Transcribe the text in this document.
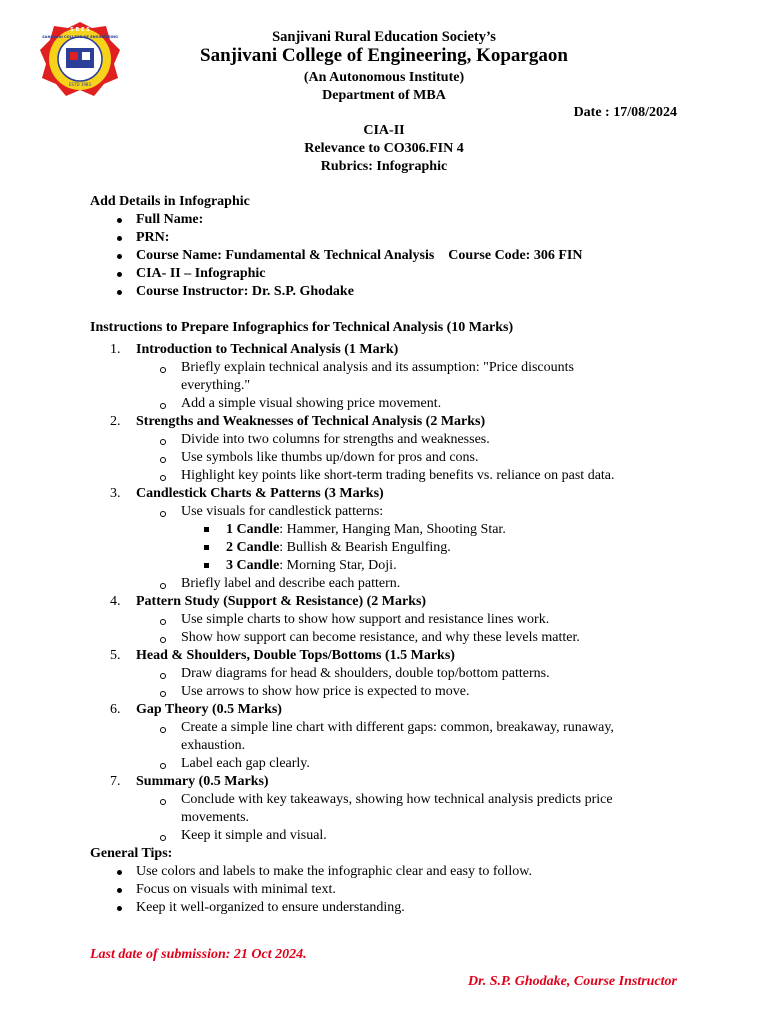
S R E S
SANJIVANI COLLEGE OF ENGINEERING
ESTD 1983
Sanjivani Rural Education Society’s
Sanjivani College of Engineering, Kopargaon
(An Autonomous Institute)
Department of MBA
Date : 17/08/2024
CIA-II
Relevance to CO306.FIN 4
Rubrics: Infographic

Add Details in Infographic

Full Name:
PRN:
Course Name: Fundamental & Technical Analysis    Course Code: 306 FIN
CIA- II – Infographic
Course Instructor: Dr. S.P. Ghodake

Instructions to Prepare Infographics for Technical Analysis (10 Marks)

1. Introduction to Technical Analysis (1 Mark)
Briefly explain technical analysis and its assumption: "Price discounts everything."
Add a simple visual showing price movement.
2. Strengths and Weaknesses of Technical Analysis (2 Marks)
Divide into two columns for strengths and weaknesses.
Use symbols like thumbs up/down for pros and cons.
Highlight key points like short-term trading benefits vs. reliance on past data.
3. Candlestick Charts & Patterns (3 Marks)
Use visuals for candlestick patterns:
1 Candle: Hammer, Hanging Man, Shooting Star.
2 Candle: Bullish & Bearish Engulfing.
3 Candle: Morning Star, Doji.
Briefly label and describe each pattern.
4. Pattern Study (Support & Resistance) (2 Marks)
Use simple charts to show how support and resistance lines work.
Show how support can become resistance, and why these levels matter.
5. Head & Shoulders, Double Tops/Bottoms (1.5 Marks)
Draw diagrams for head & shoulders, double top/bottom patterns.
Use arrows to show how price is expected to move.
6. Gap Theory (0.5 Marks)
Create a simple line chart with different gaps: common, breakaway, runaway, exhaustion.
Label each gap clearly.
7. Summary (0.5 Marks)
Conclude with key takeaways, showing how technical analysis predicts price movements.
Keep it simple and visual.

General Tips:

Use colors and labels to make the infographic clear and easy to follow.
Focus on visuals with minimal text.
Keep it well-organized to ensure understanding.
Last date of submission: 21 Oct 2024.
Dr. S.P. Ghodake, Course Instructor
